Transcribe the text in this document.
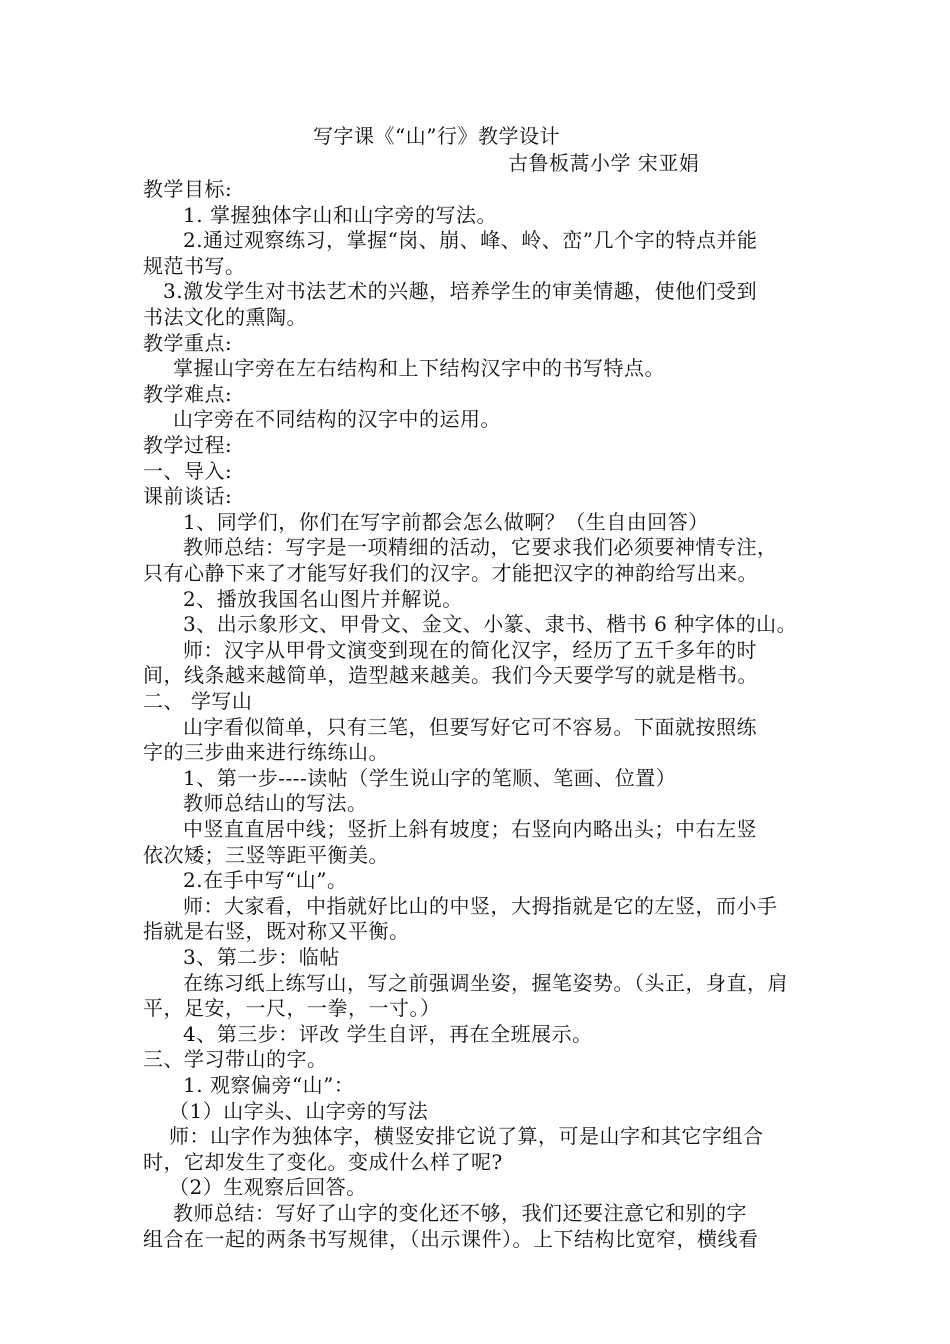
写字课《“山”行》教学设计
古鲁板蒿小学 宋亚娟
教学目标:
1. 掌握独体字山和山字旁的写法。
2.通过观察练习，掌握“岗、崩、峰、岭、峦”几个字的特点并能
规范书写。
3.激发学生对书法艺术的兴趣，培养学生的审美情趣，使他们受到
书法文化的熏陶。
教学重点:
掌握山字旁在左右结构和上下结构汉字中的书写特点。
教学难点:
山字旁在不同结构的汉字中的运用。
教学过程:
一、导入:
课前谈话:
1、同学们，你们在写字前都会怎么做啊？（生自由回答）
教师总结：写字是一项精细的活动，它要求我们必须要神情专注，
只有心静下来了才能写好我们的汉字。才能把汉字的神韵给写出来。
2、播放我国名山图片并解说。
3、出示象形文、甲骨文、金文、小篆、隶书、楷书 6 种字体的山。
师：汉字从甲骨文演变到现在的简化汉字，经历了五千多年的时
间，线条越来越简单，造型越来越美。我们今天要学写的就是楷书。
二、 学写山
山字看似简单，只有三笔，但要写好它可不容易。下面就按照练
字的三步曲来进行练练山。
1、第一步----读帖（学生说山字的笔顺、笔画、位置）
教师总结山的写法。
中竖直直居中线；竖折上斜有坡度；右竖向内略出头；中右左竖
依次矮；三竖等距平衡美。
2.在手中写“山”。
师：大家看，中指就好比山的中竖，大拇指就是它的左竖，而小手
指就是右竖，既对称又平衡。
3、第二步：临帖
在练习纸上练写山，写之前强调坐姿，握笔姿势。（头正，身直，肩
平，足安，一尺，一拳，一寸。）
4、第三步：评改 学生自评，再在全班展示。
三、学习带山的字。
1. 观察偏旁“山”：
（1）山字头、山字旁的写法
师：山字作为独体字，横竖安排它说了算，可是山字和其它字组合
时，它却发生了变化。变成什么样了呢?
（2）生观察后回答。
教师总结：写好了山字的变化还不够，我们还要注意它和别的字
组合在一起的两条书写规律，（出示课件）。上下结构比宽窄，横线看
